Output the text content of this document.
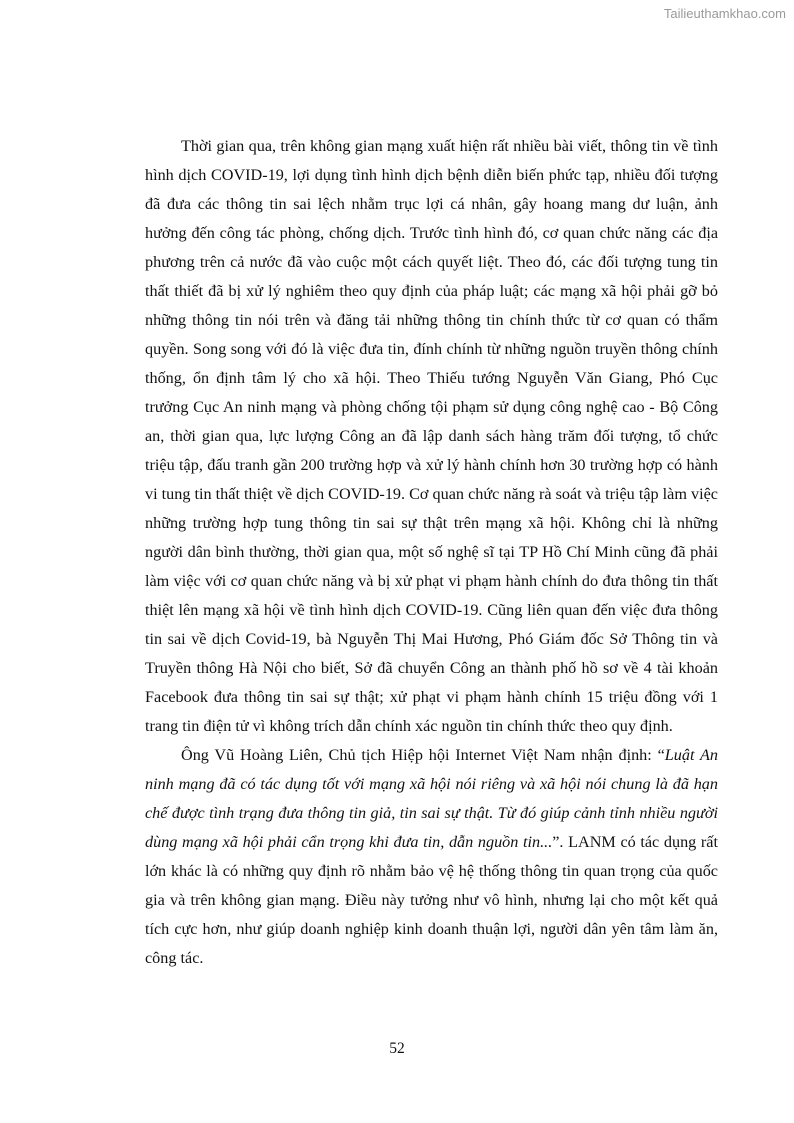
Tailieuthamkhao.com

Thời gian qua, trên không gian mạng xuất hiện rất nhiều bài viết, thông tin về tình hình dịch COVID-19, lợi dụng tình hình dịch bệnh diễn biến phức tạp, nhiều đối tượng đã đưa các thông tin sai lệch nhằm trục lợi cá nhân, gây hoang mang dư luận, ảnh hưởng đến công tác phòng, chống dịch. Trước tình hình đó, cơ quan chức năng các địa phương trên cả nước đã vào cuộc một cách quyết liệt. Theo đó, các đối tượng tung tin thất thiết đã bị xử lý nghiêm theo quy định của pháp luật; các mạng xã hội phải gỡ bỏ những thông tin nói trên và đăng tải những thông tin chính thức từ cơ quan có thẩm quyền. Song song với đó là việc đưa tin, đính chính từ những nguồn truyền thông chính thống, ổn định tâm lý cho xã hội. Theo Thiếu tướng Nguyễn Văn Giang, Phó Cục trưởng Cục An ninh mạng và phòng chống tội phạm sử dụng công nghệ cao - Bộ Công an, thời gian qua, lực lượng Công an đã lập danh sách hàng trăm đối tượng, tổ chức triệu tập, đấu tranh gần 200 trường hợp và xử lý hành chính hơn 30 trường hợp có hành vi tung tin thất thiệt về dịch COVID-19. Cơ quan chức năng rà soát và triệu tập làm việc những trường hợp tung thông tin sai sự thật trên mạng xã hội. Không chỉ là những người dân bình thường, thời gian qua, một số nghệ sĩ tại TP Hồ Chí Minh cũng đã phải làm việc với cơ quan chức năng và bị xử phạt vi phạm hành chính do đưa thông tin thất thiệt lên mạng xã hội về tình hình dịch COVID-19. Cũng liên quan đến việc đưa thông tin sai về dịch Covid-19, bà Nguyễn Thị Mai Hương, Phó Giám đốc Sở Thông tin và Truyền thông Hà Nội cho biết, Sở đã chuyển Công an thành phố hồ sơ về 4 tài khoản Facebook đưa thông tin sai sự thật; xử phạt vi phạm hành chính 15 triệu đồng với 1 trang tin điện tử vì không trích dẫn chính xác nguồn tin chính thức theo quy định.

Ông Vũ Hoàng Liên, Chủ tịch Hiệp hội Internet Việt Nam nhận định: “Luật An ninh mạng đã có tác dụng tốt với mạng xã hội nói riêng và xã hội nói chung là đã hạn chế được tình trạng đưa thông tin giả, tin sai sự thật. Từ đó giúp cảnh tỉnh nhiều người dùng mạng xã hội phải cẩn trọng khi đưa tin, dẫn nguồn tin...”. LANM có tác dụng rất lớn khác là có những quy định rõ nhằm bảo vệ hệ thống thông tin quan trọng của quốc gia và trên không gian mạng. Điều này tưởng như vô hình, nhưng lại cho một kết quả tích cực hơn, như giúp doanh nghiệp kinh doanh thuận lợi, người dân yên tâm làm ăn, công tác.

52
